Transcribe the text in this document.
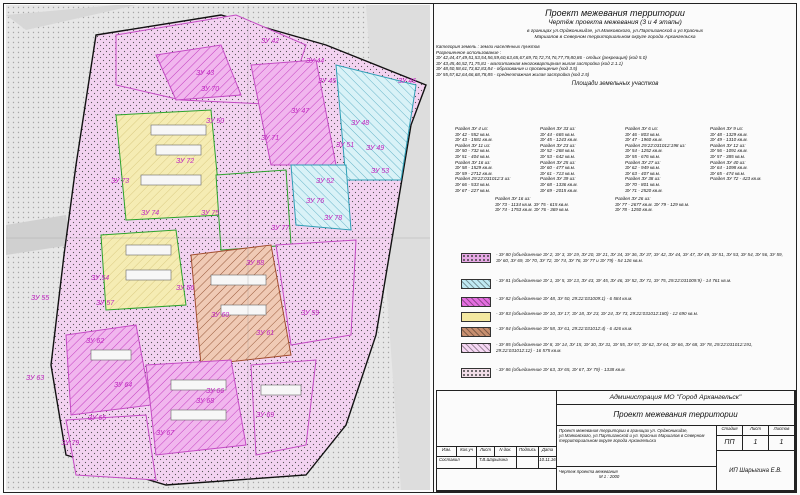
ЗУ 42
ЗУ 44
ЗУ 46
ЗУ 43
ЗУ 45
ЗУ 47
ЗУ 48
ЗУ 70
ЗУ 49
ЗУ 71
ЗУ 51
ЗУ 52
ЗУ 50
ЗУ 53
ЗУ 72
ЗУ 73
ЗУ 74	ЗУ 75
ЗУ 78
ЗУ 76
ЗУ 77
ЗУ 54
ЗУ 55
ЗУ 56
ЗУ 57
ЗУ 58
ЗУ 59
ЗУ 60
ЗУ 61
ЗУ 62
ЗУ 63
ЗУ 64
ЗУ 65
ЗУ 66
ЗУ 67
ЗУ 68
ЗУ 69
ЗУ 79
Проект межевания территории
Чертёж проекта межевания (3 и 4 этапы)
в границах ул.Орджоникидзе, ул.Маяковского, ул.Партизанской и ул.Красных
Маршалов в Северном территориальном округе города Архангельска
Категория земель : земли населённых пунктов
Разрешенное использование :
ЗУ 42,44,47,49,51,53,54,56,59,60,63,65,67,69,70,72,74,76,77,79,80,86 - отдых (рекреация) (код 5.0)
ЗУ 43,45,46,52,71,75,81 - малоэтажная многоквартирная жилая застройка (код 2.1.1)
ЗУ 48,50,58,61,73,82,83,84 - образование и просвещение (код 3.5)
ЗУ 55,57,62,64,66,68,78,85 - среднеэтажная жилая застройка (код 2.5)
Площади земельных участков
Раздел ЗУ 4 из:	Раздел ЗУ 33 из:	Раздел ЗУ 6 из:	Раздел ЗУ 9 из:
ЗУ 42 - 552 кв.м.	ЗУ 44 - 665 кв.м.	ЗУ 46 - 803 кв.м.	ЗУ 48 - 1329 кв.м.
ЗУ 43 - 1581 кв.м.	ЗУ 45 - 1243 кв.м.	ЗУ 47 - 1960 кв.м.	ЗУ 49 - 1310 кв.м.
Раздел ЗУ 11 из:	Раздел ЗУ 23 из:	Раздел 29:22:031012:198 из:	Раздел ЗУ 12 из:
ЗУ 50 - 732 кв.м.	ЗУ 52 - 268 кв.м.	ЗУ 54 - 1252 кв.м.	ЗУ 56 - 1091 кв.м.
ЗУ 51 - 404 кв.м.	ЗУ 53 - 642 кв.м.	ЗУ 55 - 676 кв.м.	ЗУ 57 - 385 кв.м.
Раздел ЗУ 16 из:	Раздел ЗУ 25 из:	Раздел ЗУ 27 из:	Раздел ЗУ 40 из:
ЗУ 58 - 1529 кв.м.	ЗУ 60 - 477 кв.м.	ЗУ 62 - 949 кв.м.	ЗУ 64 - 1098 кв.м.
ЗУ 59 - 2712 кв.м.	ЗУ 61 - 713 кв.м.	ЗУ 63 - 407 кв.м.	ЗУ 65 - 474 кв.м.
Раздел 29:22:031012:3 из:	Раздел ЗУ 39 из:	Раздел ЗУ 38 из:	Раздел ЗУ 72 - 423 кв.м.
ЗУ 66 - 533 кв.м.	ЗУ 68 - 1336 кв.м.	ЗУ 70 - 801 кв.м.
ЗУ 67 - 227 кв.м.	ЗУ 69 - 2015 кв.м.	ЗУ 71 - 2520 кв.м.
Раздел ЗУ 16 из:	Раздел ЗУ 26 из:
ЗУ 73 - 1134 кв.м. ЗУ 75 - 615 кв.м.	ЗУ 77 - 2677 кв.м. ЗУ 79 - 129 кв.м.
ЗУ 74 - 1753 кв.м. ЗУ 76 - 369 кв.м.	ЗУ 78 - 1250 кв.м.
- ЗУ 80 (объединение ЗУ 2, ЗУ 3, ЗУ 19, ЗУ 20, ЗУ 21, ЗУ 34, ЗУ 36, ЗУ 37, ЗУ 42, ЗУ 44, ЗУ 47, ЗУ 49, ЗУ 51, ЗУ 53, ЗУ 54, ЗУ 56, ЗУ 59, ЗУ 60, ЗУ 69, ЗУ 70, ЗУ 72, ЗУ 74, ЗУ 76, ЗУ 77 и ЗУ 79) - 54 126 кв.м.
- ЗУ 81 (объединение ЗУ 1, ЗУ 5, ЗУ 13, ЗУ 43, ЗУ 45, ЗУ 46, ЗУ 52, ЗУ 71, ЗУ 75, 29:22:031009:9) - 14 761 кв.м.
- ЗУ 82 (объединение ЗУ 48, ЗУ 50, 29:22:031009:1) - 6 584 кв.м.
- ЗУ 83 (объединение ЗУ 10, ЗУ 17, ЗУ 18, ЗУ 23, ЗУ 24, ЗУ 73, 29:22:031012:180) - 12 690 кв.м.
- ЗУ 84 (объединение ЗУ 58, ЗУ 61, 29:22:031012:4) - 6 426 кв.м.
- ЗУ 85 (объединение ЗУ 8, ЗУ 14, ЗУ 15, ЗУ 30, ЗУ 31, ЗУ 55, ЗУ 57, ЗУ 62, ЗУ 64, ЗУ 66, ЗУ 68, ЗУ 78, 29:22:031012:191, 29:22:031012:12) - 16 575 кв.м.
- ЗУ 86 (объединение ЗУ 63, ЗУ 65, ЗУ 67, ЗУ 79) - 1338 кв.м.
Администрация МО "Город Архангельск"
Проект межевания территории
Изм.	Кол.уч	Лист	N док.	Подпись	Дата
Составил	Т.В.Шарыгина	10.11.16
Проект межевания территории в границах ул. Орджоникидзе, ул.Маяковского, ул.Партизанской и ул. Красных Маршалов в Северном территориальном округе города Архангельска
Стадия	Лист	Листов
ПП	1	1
Чертеж проекта межевания
М 1 : 2000
ИП Шарыгина Е.В.
